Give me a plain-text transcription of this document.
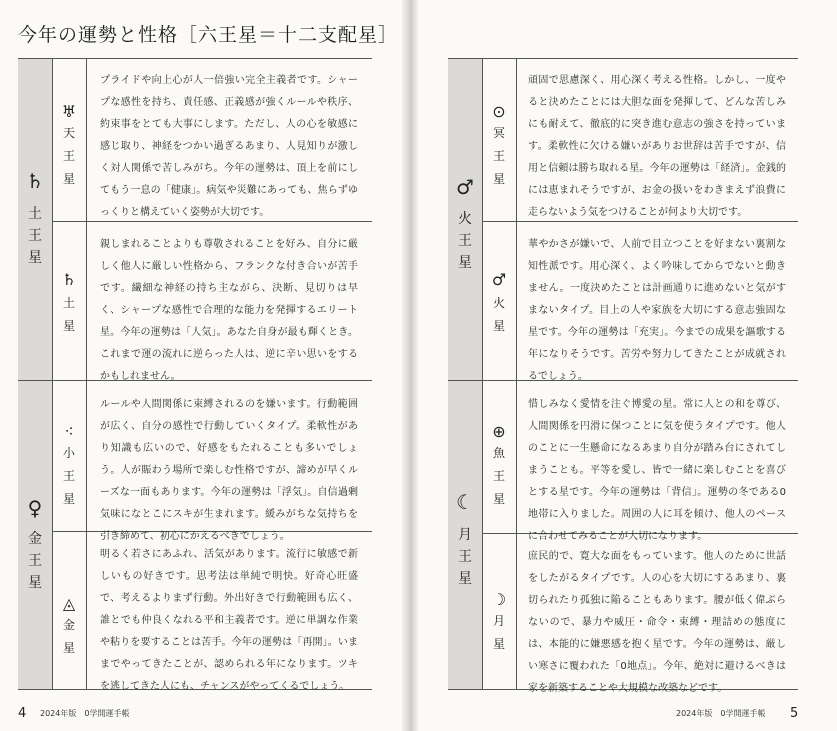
今年の運勢と性格［六王星＝十二支配星］
♄
土
王
星
♅
天
王
星
プライドや向上心が人一倍強い完全主義者です。シャープな感性を持ち、責任感、正義感が強くルールや秩序、約束事をとても大事にします。ただし、人の心を敏感に感じ取り、神経をつかい過ぎるあまり、人見知りが激しく対人関係で苦しみがち。今年の運勢は、頂上を前にしてもう一息の「健康」。病気や災難にあっても、焦らずゆっくりと構えていく姿勢が大切です。
♄
土
星
親しまれることよりも尊敬されることを好み、自分に厳しく他人に厳しい性格から、フランクな付き合いが苦手です。繊細な神経の持ち主ながら、決断、見切りは早く、シャープな感性で合理的な能力を発揮するエリート星。今年の運勢は「人気」。あなた自身が最も輝くとき。これまで運の流れに逆らった人は、逆に辛い思いをするかもしれません。
♀
金
王
星
⁖
小
王
星
ルールや人間関係に束縛されるのを嫌います。行動範囲が広く、自分の感性で行動していくタイプ。柔軟性があり知識も広いので、好感をもたれることも多いでしょう。人が賑わう場所で楽しむ性格ですが、諦めが早くルーズな一面もあります。今年の運勢は「浮気」。自信過剰気味になとこにスキが生まれます。緩みがちな気持ちを引き締めて、初心にかえるべきでしょう。
◬
金
星
明るく若さにあふれ、活気があります。流行に敏感で新しいもの好きです。思考法は単純で明快。好奇心旺盛で、考えるよりまず行動。外出好きで行動範囲も広く、誰とでも仲良くなれる平和主義者です。逆に単調な作業や粘りを要することは苦手。今年の運勢は「再開」。いままでやってきたことが、認められる年になります。ツキを逃してきた人にも、チャンスがやってくるでしょう。
4 2024年版　0学開運手帳
♂
火
王
星
⊙
冥
王
星
頑固で思慮深く、用心深く考える性格。しかし、一度やると決めたことには大胆な面を発揮して、どんな苦しみにも耐えて、徹底的に突き進む意志の強さを持っています。柔軟性に欠ける嫌いがありお世辞は苦手ですが、信用と信頼は勝ち取れる星。今年の運勢は「経済」。金銭的には恵まれそうですが、お金の扱いをわきまえず浪費に走らないよう気をつけることが何より大切です。
♂
火
星
華やかさが嫌いで、人前で目立つことを好まない裏割な知性派です。用心深く、よく吟味してからでないと動きません。一度決めたことは計画通りに進めないと気がすまないタイプ。目上の人や家族を大切にする意志強固な星です。今年の運勢は「充実」。今までの成果を謳歌する年になりそうです。苦労や努力してきたことが成就されるでしょう。
☾
月
王
星
⊕
魚
王
星
惜しみなく愛情を注ぐ博愛の星。常に人との和を尊び、人間関係を円滑に保つことに気を使うタイプです。他人のことに一生懸命になるあまり自分が踏み台にされてしまうことも。平等を愛し、皆で一緒に楽しむことを喜びとする星です。今年の運勢は「背信」。運勢の冬である0地帯に入りました。周囲の人に耳を傾け、他人のペースに合わせてみることが大切になります。
☽
月
星
庶民的で、寛大な面をもっています。他人のために世話をしたがるタイプです。人の心を大切にするあまり、裏切られたり孤独に陥ることもあります。腰が低く偉ぶらないので、暴力や威圧・命令・束縛・理詰めの態度には、本能的に嫌悪感を抱く星です。今年の運勢は、厳しい寒さに覆われた「0地点」。今年、絶対に避けるべきは家を新築することや大規模な改築などです。
2024年版　0学開運手帳 5
